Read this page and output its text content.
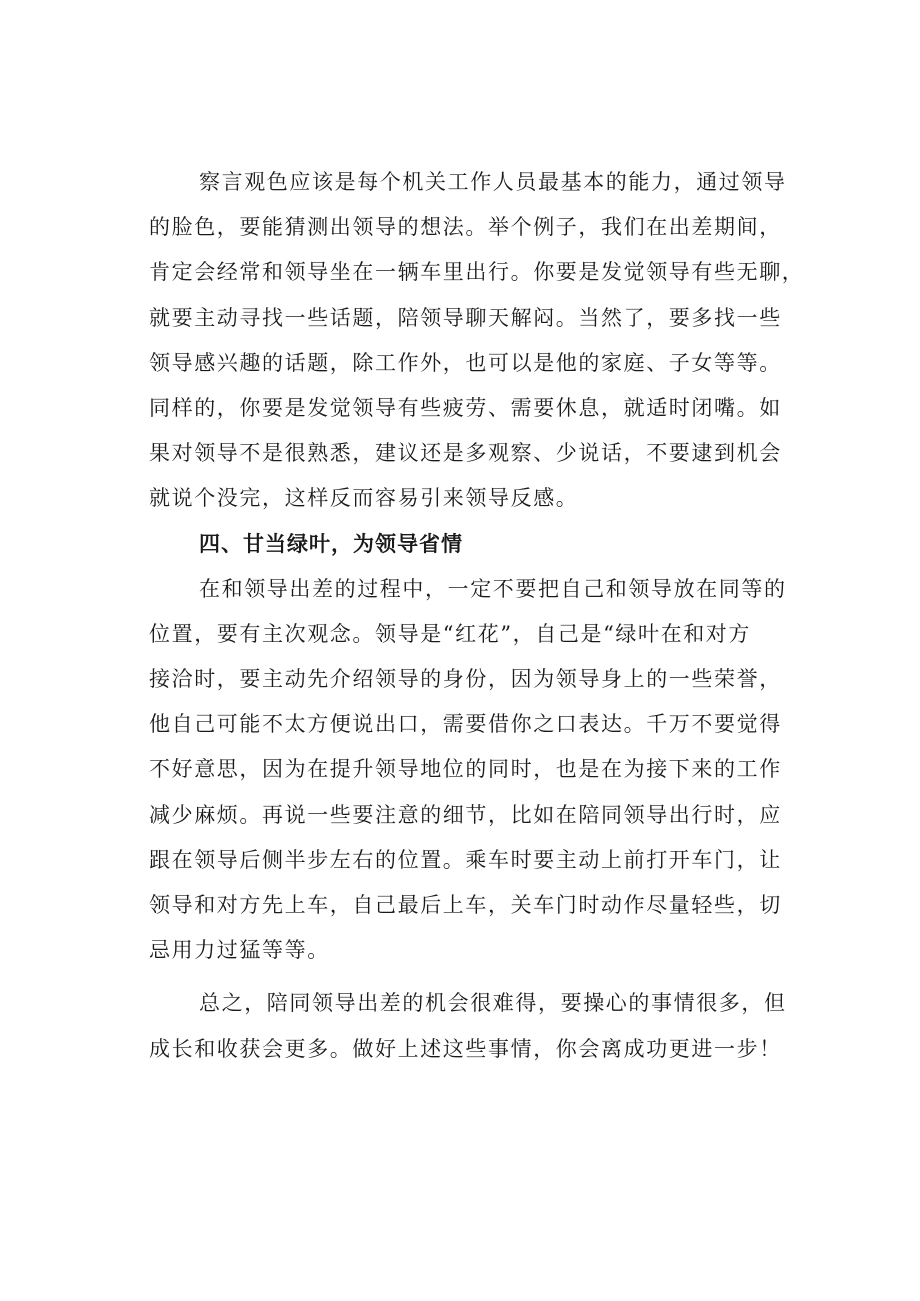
察言观色应该是每个机关工作人员最基本的能力，通过领导
的脸色，要能猜测出领导的想法。举个例子，我们在出差期间，
肯定会经常和领导坐在一辆车里出行。你要是发觉领导有些无聊，
就要主动寻找一些话题，陪领导聊天解闷。当然了，要多找一些
领导感兴趣的话题，除工作外，也可以是他的家庭、子女等等。
同样的，你要是发觉领导有些疲劳、需要休息，就适时闭嘴。如
果对领导不是很熟悉，建议还是多观察、少说话，不要逮到机会
就说个没完，这样反而容易引来领导反感。
四、甘当绿叶，为领导省情
在和领导出差的过程中，一定不要把自己和领导放在同等的
位置，要有主次观念。领导是“红花”，自己是“绿叶在和对方
接洽时，要主动先介绍领导的身份，因为领导身上的一些荣誉，
他自己可能不太方便说出口，需要借你之口表达。千万不要觉得
不好意思，因为在提升领导地位的同时，也是在为接下来的工作
减少麻烦。再说一些要注意的细节，比如在陪同领导出行时，应
跟在领导后侧半步左右的位置。乘车时要主动上前打开车门，让
领导和对方先上车，自己最后上车，关车门时动作尽量轻些，切
忌用力过猛等等。
总之，陪同领导出差的机会很难得，要操心的事情很多，但
成长和收获会更多。做好上述这些事情，你会离成功更进一步！
